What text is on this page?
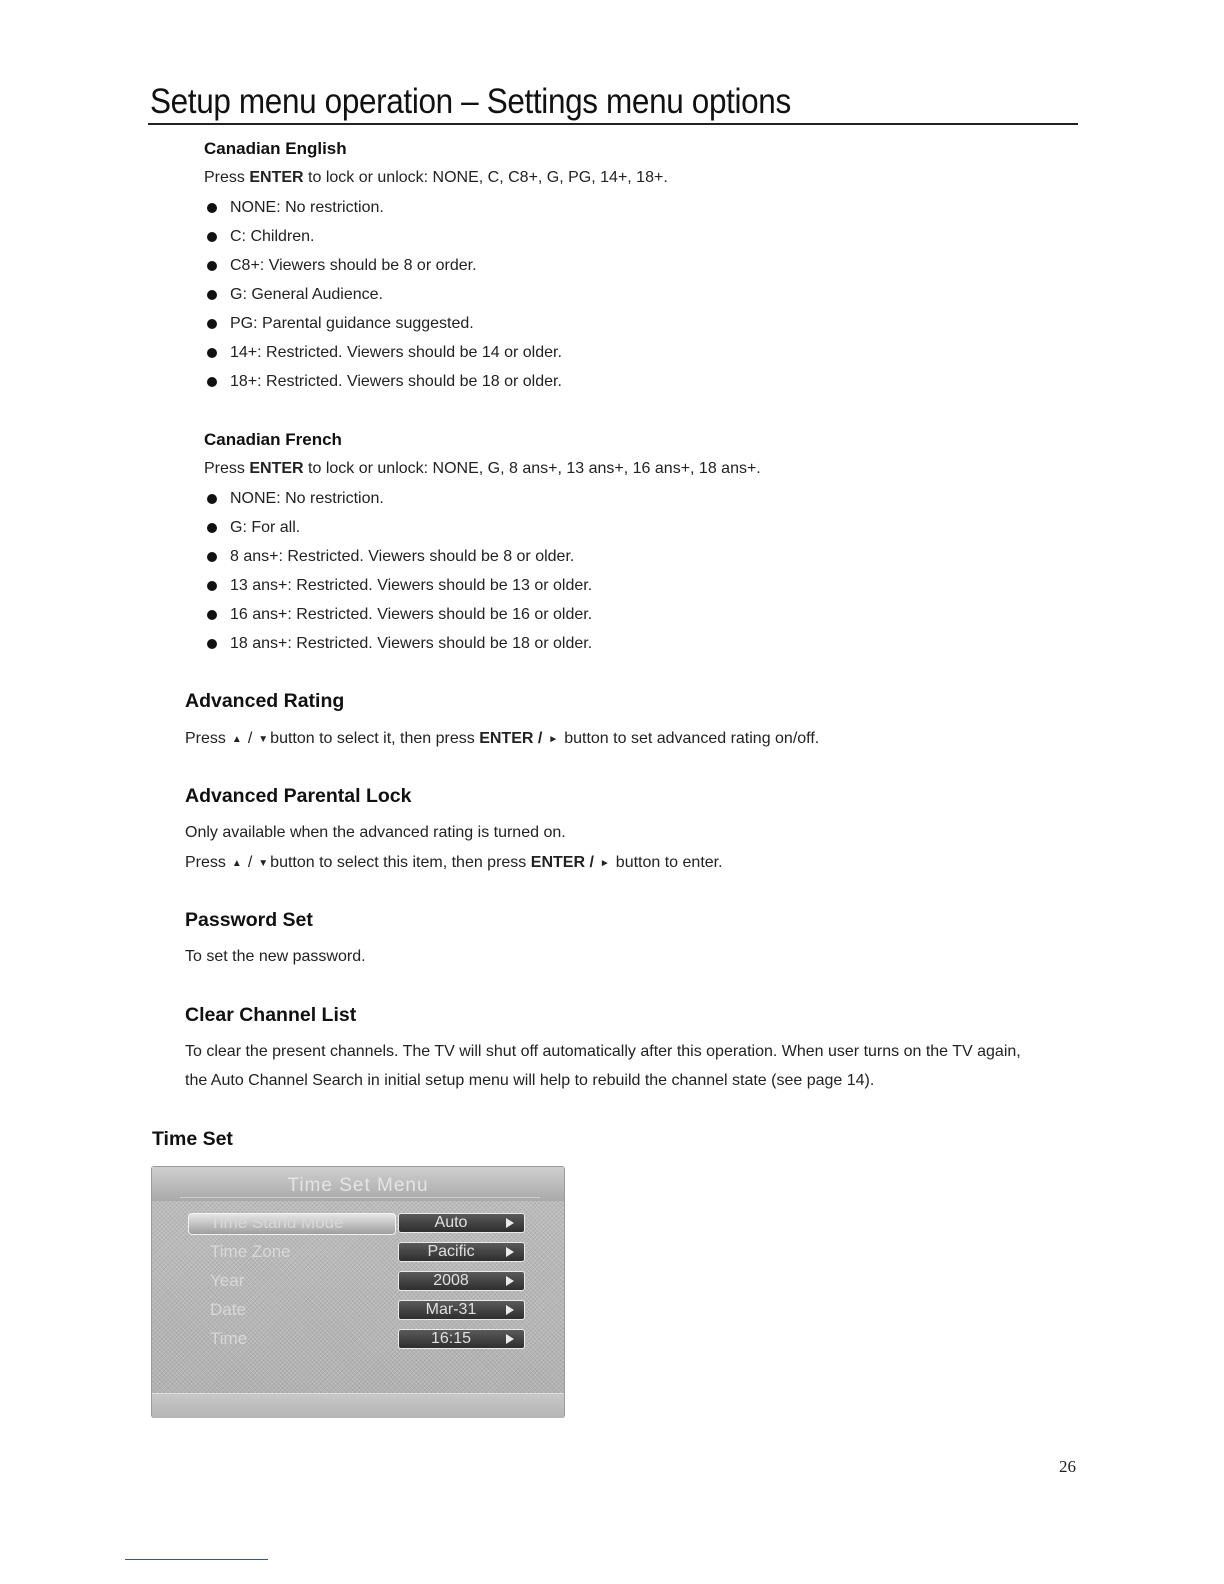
Setup menu operation – Settings menu options

Canadian English

Press ENTER to lock or unlock: NONE, C, C8+, G, PG, 14+, 18+.

NONE: No restriction.
C: Children.
C8+: Viewers should be 8 or order.
G: General Audience.
PG: Parental guidance suggested.
14+: Restricted. Viewers should be 14 or older.
18+: Restricted. Viewers should be 18 or older.

Canadian French

Press ENTER to lock or unlock: NONE, G, 8 ans+, 13 ans+, 16 ans+, 18 ans+.

NONE: No restriction.
G: For all.
8 ans+: Restricted. Viewers should be 8 or older.
13 ans+: Restricted. Viewers should be 13 or older.
16 ans+: Restricted. Viewers should be 16 or older.
18 ans+: Restricted. Viewers should be 18 or older.

Advanced Rating

Press ▲ / ▼ button to select it, then press ENTER / ► button to set advanced rating on/off.

Advanced Parental Lock

Only available when the advanced rating is turned on.

Press ▲ / ▼ button to select this item, then press ENTER / ► button to enter.

Password Set

To set the new password.

Clear Channel List

To clear the present channels. The TV will shut off automatically after this operation. When user turns on the TV again,

the Auto Channel Search in initial setup menu will help to rebuild the channel state (see page 14).

Time Set

Time Set Menu
Time Stand Mode	Auto
Time Zone	Pacific
Year	2008
Date	Mar-31
Time	16:15
26
